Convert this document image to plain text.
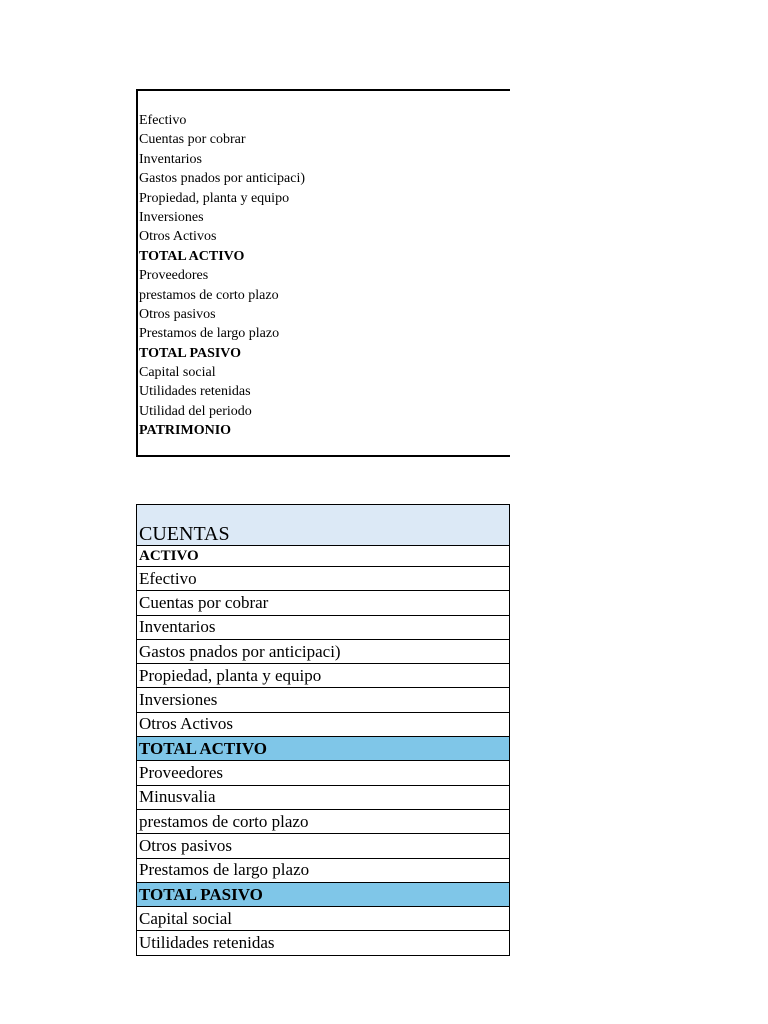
Efectivo
Cuentas por cobrar
Inventarios
Gastos pnados por anticipaci)
Propiedad, planta y equipo
Inversiones
Otros Activos
TOTAL ACTIVO
Proveedores
prestamos de corto plazo
Otros pasivos
Prestamos de largo plazo
TOTAL PASIVO
Capital social
Utilidades retenidas
Utilidad del periodo
PATRIMONIO
CUENTAS
ACTIVO
Efectivo
Cuentas por cobrar
Inventarios
Gastos pnados por anticipaci)
Propiedad, planta y equipo
Inversiones
Otros Activos
TOTAL ACTIVO
Proveedores
Minusvalia
prestamos de corto plazo
Otros pasivos
Prestamos de largo plazo
TOTAL PASIVO
Capital social
Utilidades retenidas
